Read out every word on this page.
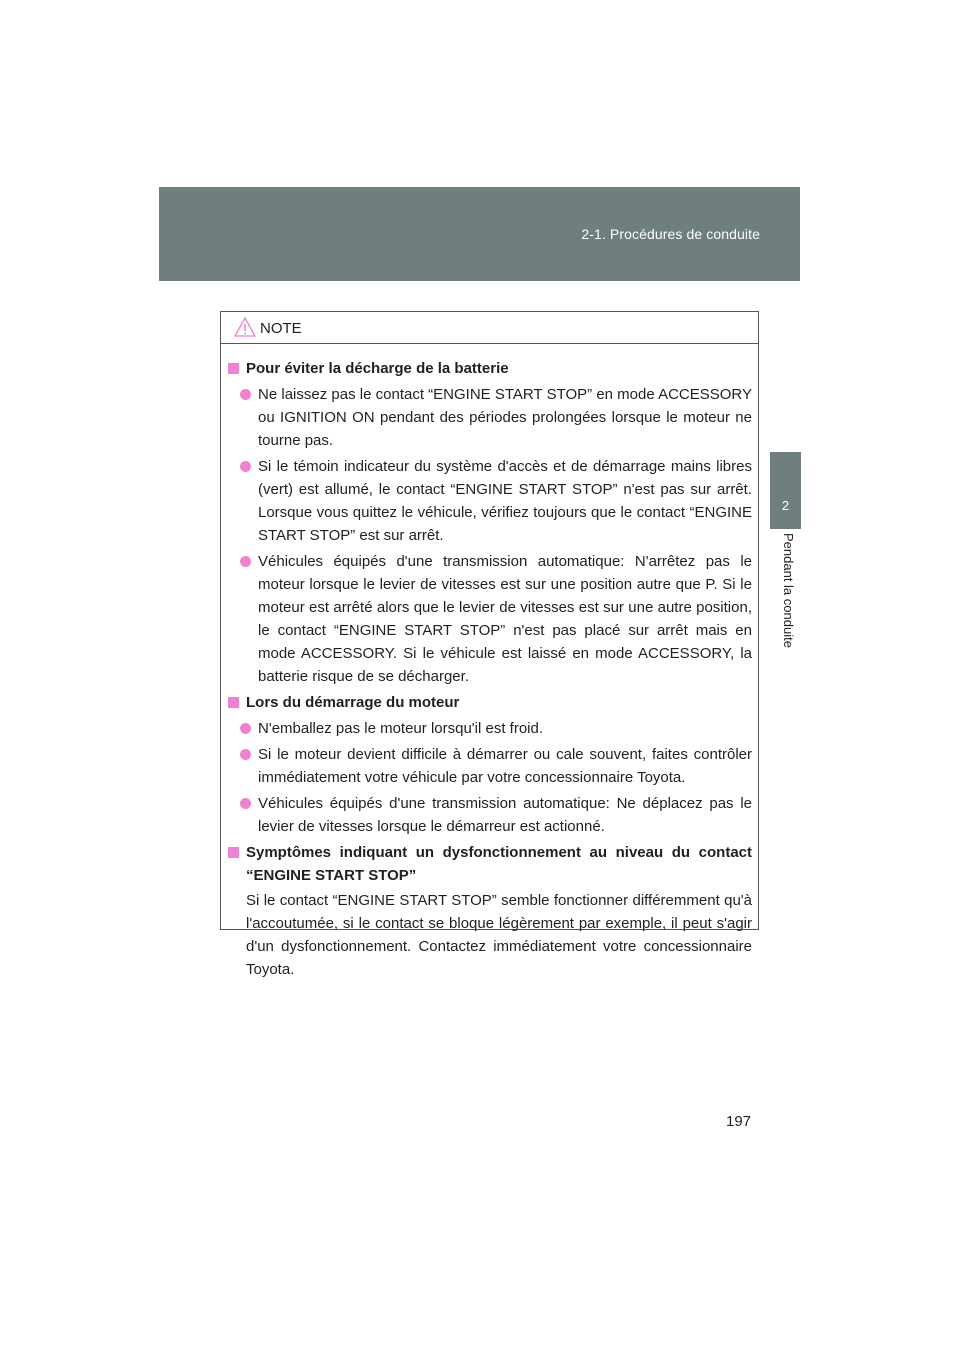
2-1. Procédures de conduite
2
Pendant la conduite
NOTE
Pour éviter la décharge de la batterie
Ne laissez pas le contact “ENGINE START STOP” en mode ACCESSORY ou IGNITION ON pendant des périodes prolongées lorsque le moteur ne tourne pas.
Si le témoin indicateur du système d'accès et de démarrage mains libres (vert) est allumé, le contact “ENGINE START STOP” n'est pas sur arrêt. Lorsque vous quittez le véhicule, vérifiez toujours que le contact “ENGINE START STOP” est sur arrêt.
Véhicules équipés d'une transmission automatique: N'arrêtez pas le moteur lorsque le levier de vitesses est sur une position autre que P. Si le moteur est arrêté alors que le levier de vitesses est sur une autre position, le contact “ENGINE START STOP” n'est pas placé sur arrêt mais en mode ACCESSORY. Si le véhicule est laissé en mode ACCESSORY, la batterie risque de se décharger.
Lors du démarrage du moteur
N'emballez pas le moteur lorsqu'il est froid.
Si le moteur devient difficile à démarrer ou cale souvent, faites contrôler immédiatement votre véhicule par votre concessionnaire Toyota.
Véhicules équipés d'une transmission automatique: Ne déplacez pas le levier de vitesses lorsque le démarreur est actionné.
Symptômes indiquant un dysfonctionnement au niveau du contact “ENGINE START STOP”
Si le contact “ENGINE START STOP” semble fonctionner différemment qu'à l'accoutumée, si le contact se bloque légèrement par exemple, il peut s'agir d'un dysfonctionnement. Contactez immédiatement votre concessionnaire Toyota.
197
